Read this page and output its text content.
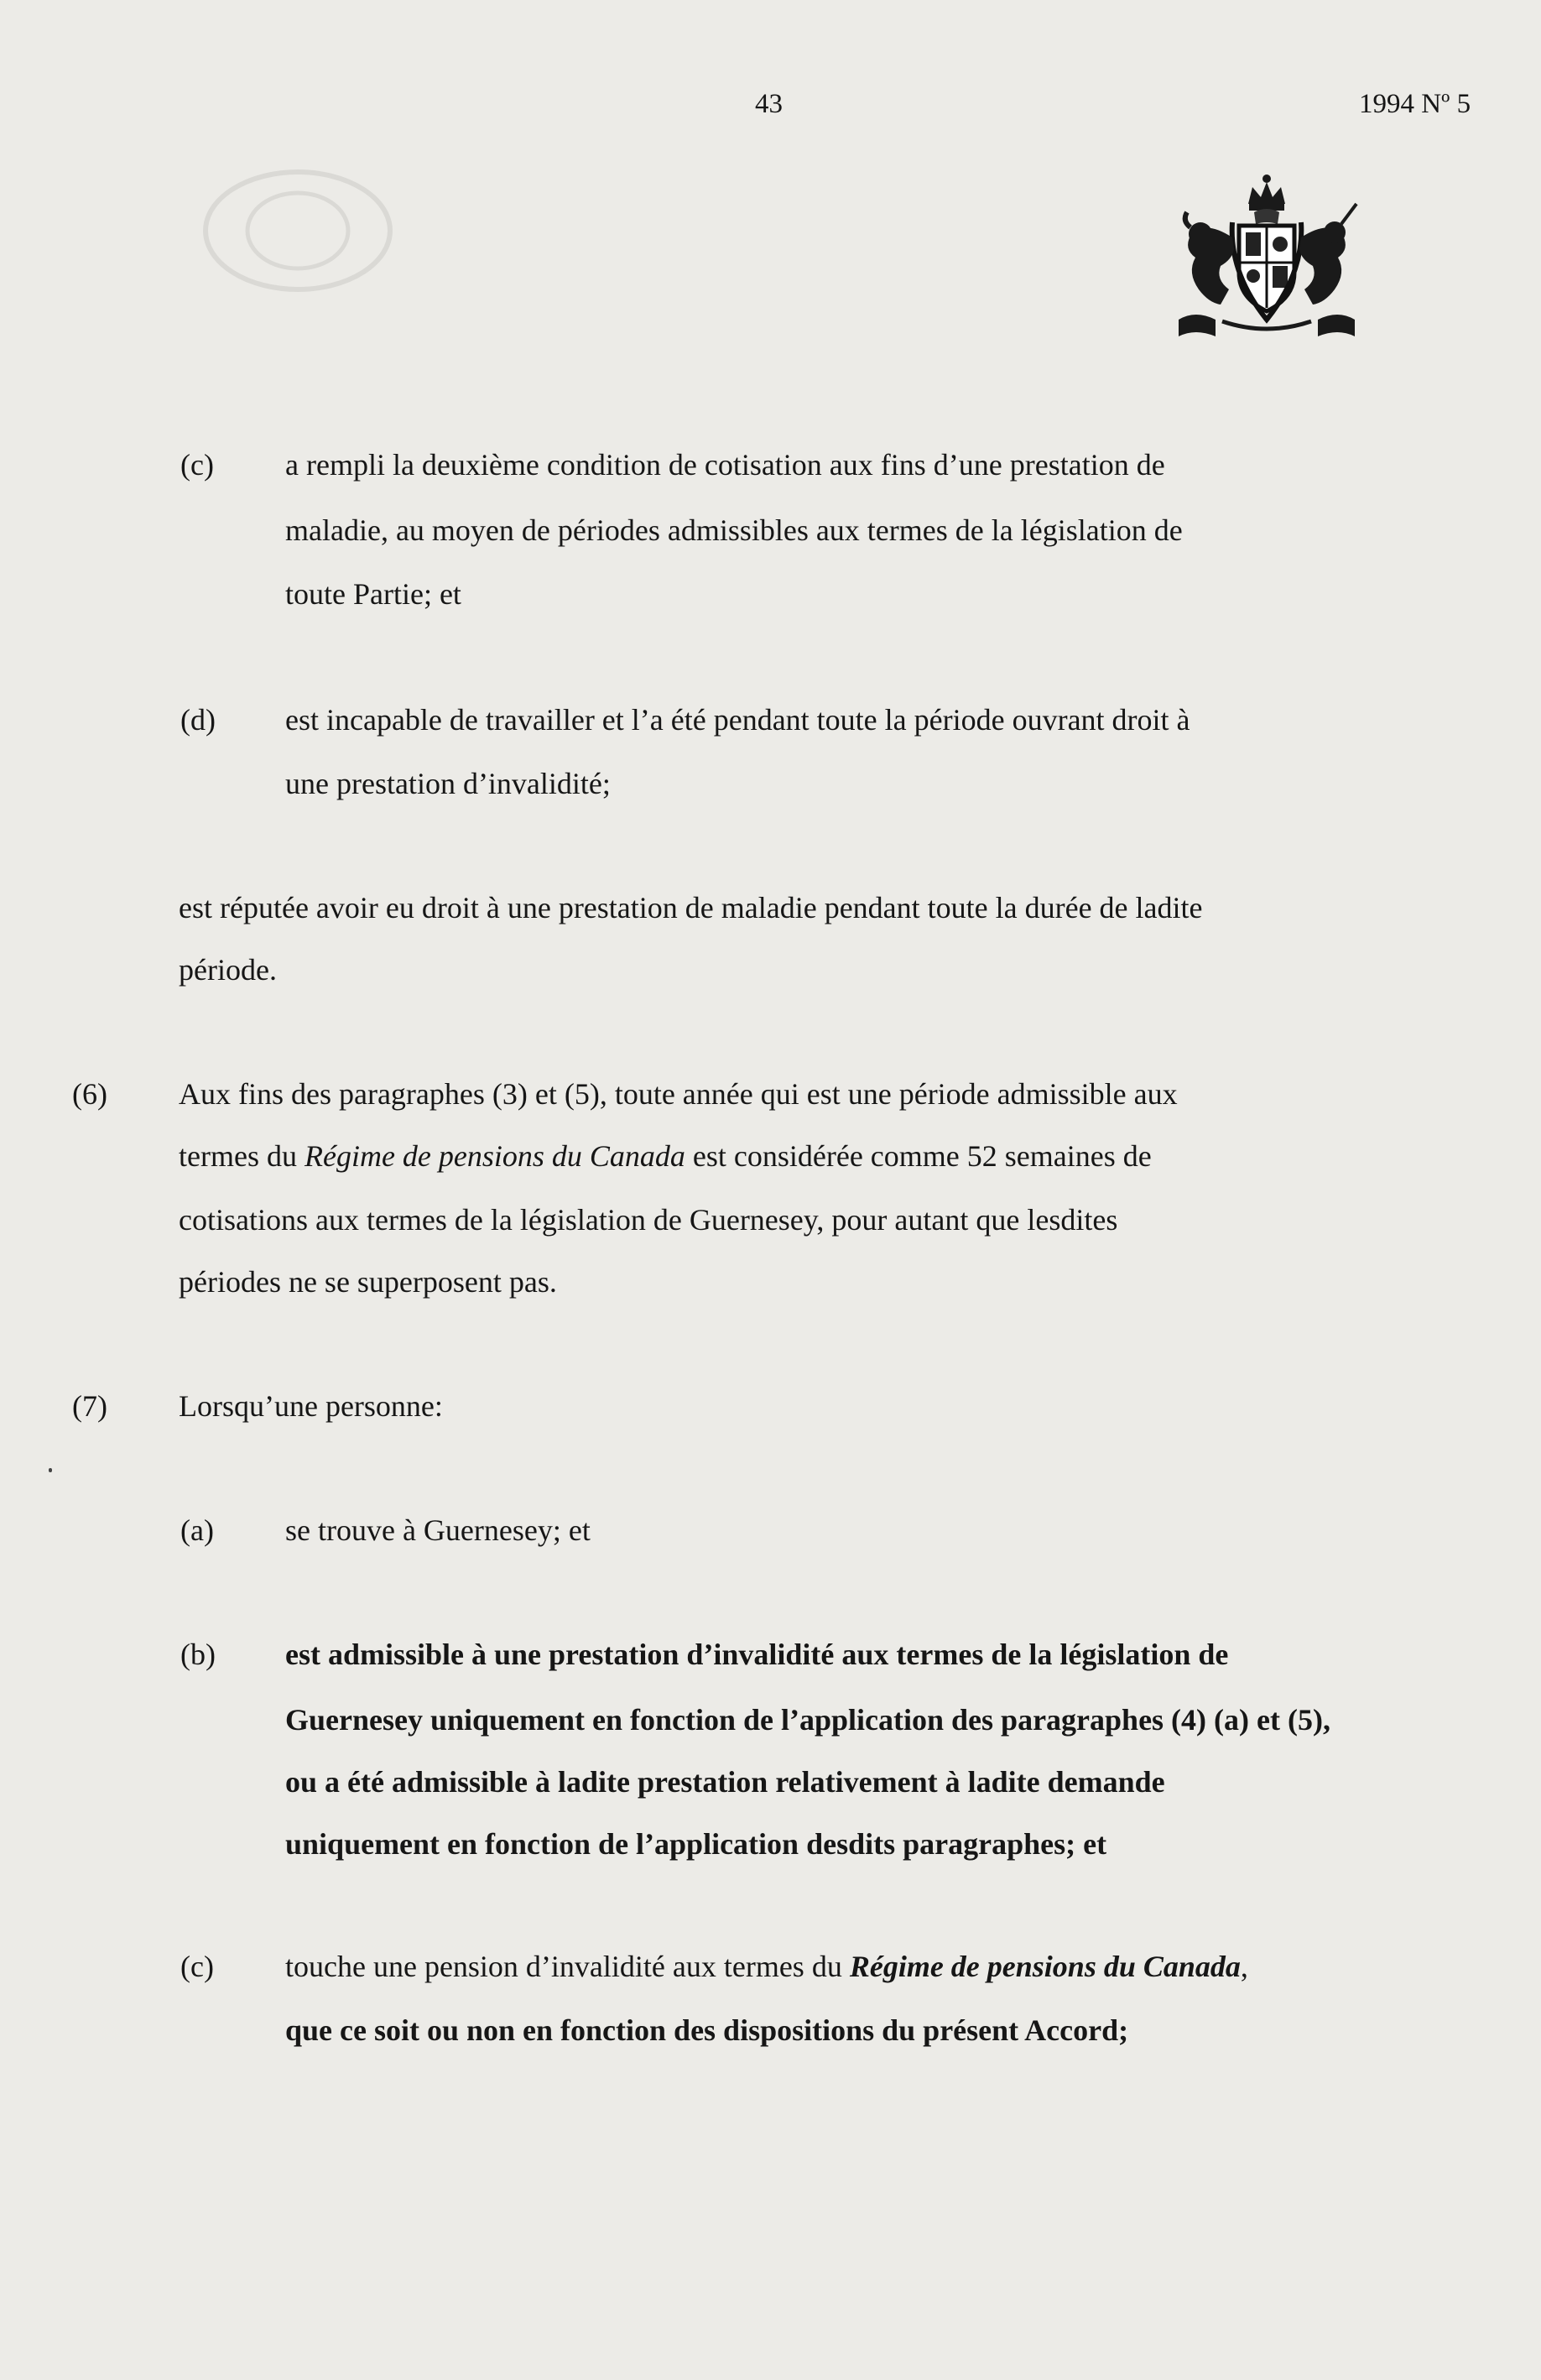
43	1994 Nº 5
(c) a rempli la deuxième condition de cotisation aux fins d’une prestation de
maladie, au moyen de périodes admissibles aux termes de la législation de
toute Partie; et
(d) est incapable de travailler et l’a été pendant toute la période ouvrant droit à
une prestation d’invalidité;
est réputée avoir eu droit à une prestation de maladie pendant toute la durée de ladite
période.
(6) Aux fins des paragraphes (3) et (5), toute année qui est une période admissible aux
termes du Régime de pensions du Canada est considérée comme 52 semaines de
cotisations aux termes de la législation de Guernesey, pour autant que lesdites
périodes ne se superposent pas.
(7) Lorsqu’une personne:
(a) se trouve à Guernesey; et
(b) est admissible à une prestation d’invalidité aux termes de la législation de
Guernesey uniquement en fonction de l’application des paragraphes (4) (a) et (5),
ou a été admissible à ladite prestation relativement à ladite demande
uniquement en fonction de l’application desdits paragraphes; et
(c) touche une pension d’invalidité aux termes du Régime de pensions du Canada,
que ce soit ou non en fonction des dispositions du présent Accord;
